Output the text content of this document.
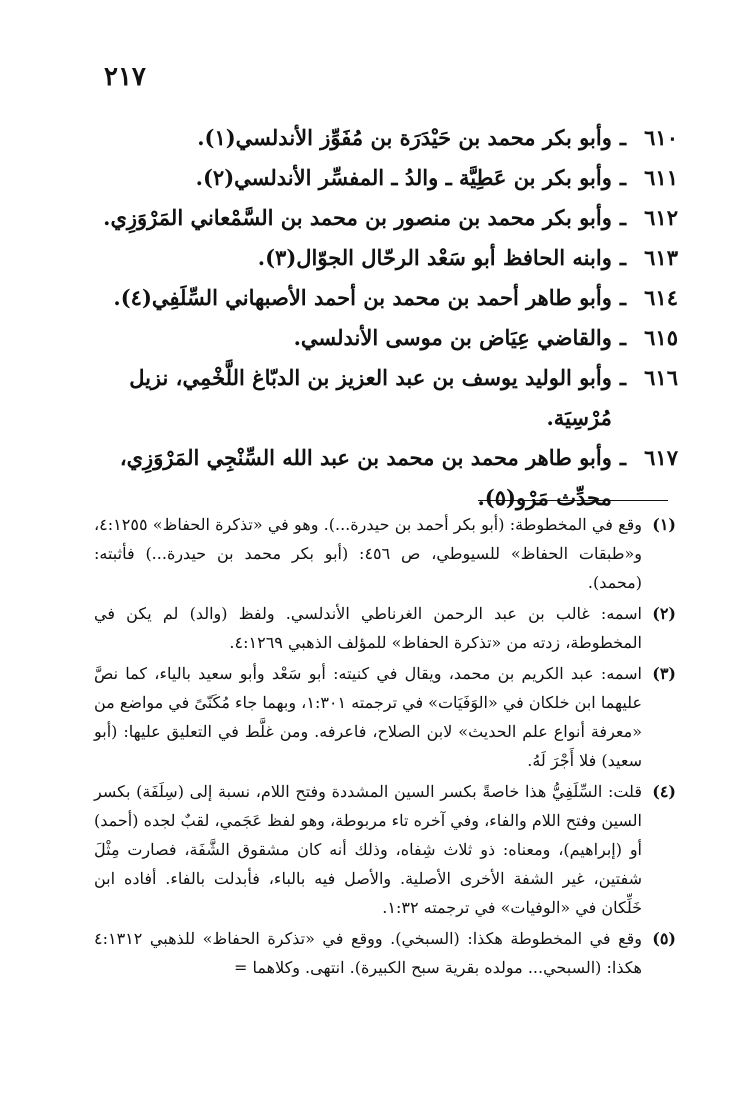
٢١٧
٦١٠
ـ
وأبو بكر محمد بن حَيْدَرَة بن مُفَوِّز الأندلسي(١).
٦١١
ـ
وأبو بكر بن عَطِيَّة ـ والدُ ـ المفسِّر الأندلسي(٢).
٦١٢
ـ
وأبو بكر محمد بن منصور بن محمد بن السَّمْعاني المَرْوَزِي.
٦١٣
ـ
وابنه الحافظ أبو سَعْد الرحّال الجوّال(٣).
٦١٤
ـ
وأبو طاهر أحمد بن محمد بن أحمد الأصبهاني السِّلَفِي(٤).
٦١٥
ـ
والقاضي عِيَاض بن موسى الأندلسي.
٦١٦
ـ
وأبو الوليد يوسف بن عبد العزيز بن الدبّاغ اللَّخْمِي، نزيل مُرْسِيَة.
٦١٧
ـ
وأبو طاهر محمد بن محمد بن عبد الله السِّنْجِي المَرْوَزِي، محدِّث مَرْو(٥).
(١)
وقع في المخطوطة: (أبو بكر أحمد بن حيدرة...). وهو في «تذكرة الحفاظ» ٤:١٢٥٥، و«طبقات الحفاظ» للسيوطي، ص ٤٥٦: (أبو بكر محمد بن حيدرة...) فأثبته: (محمد).
(٢)
اسمه: غالب بن عبد الرحمن الغرناطي الأندلسي. ولفظ (والد) لم يكن في المخطوطة، زدته من «تذكرة الحفاظ» للمؤلف الذهبي ٤:١٢٦٩.
(٣)
اسمه: عبد الكريم بن محمد، ويقال في كنيته: أبو سَعْد وأبو سعيد بالياء، كما نصَّ عليهما ابن خلكان في «الوَفَيَات» في ترجمته ١:٣٠١، وبهما جاء مُكَنّىً في مواضع من «معرفة أنواع علم الحديث» لابن الصلاح، فاعرفه. ومن غلَّط في التعليق عليها: (أبو سعيد) فلا أَجْرَ لَهُ.
(٤)
قلت: السِّلَفِيُّ هذا خاصةً بكسر السين المشددة وفتح اللام، نسبة إلى (سِلَفَة) بكسر السين وفتح اللام والفاء، وفي آخره تاء مربوطة، وهو لفظ عَجَمي، لقبٌ لجده (أحمد) أو (إبراهيم)، ومعناه: ذو ثلاث شِفاه، وذلك أنه كان مشقوق الشَّفَة، فصارت مِثْلَ شفتين، غير الشفة الأخرى الأصلية. والأصل فيه بالباء، فأبدلت بالفاء. أفاده ابن خَلِّكان في «الوفيات» في ترجمته ١:٣٢.
(٥)
وقع في المخطوطة هكذا: (السبخي). ووقع في «تذكرة الحفاظ» للذهبي ٤:١٣١٢ هكذا: (السبحي... مولده بقرية سبح الكبيرة). انتهى. وكلاهما =
